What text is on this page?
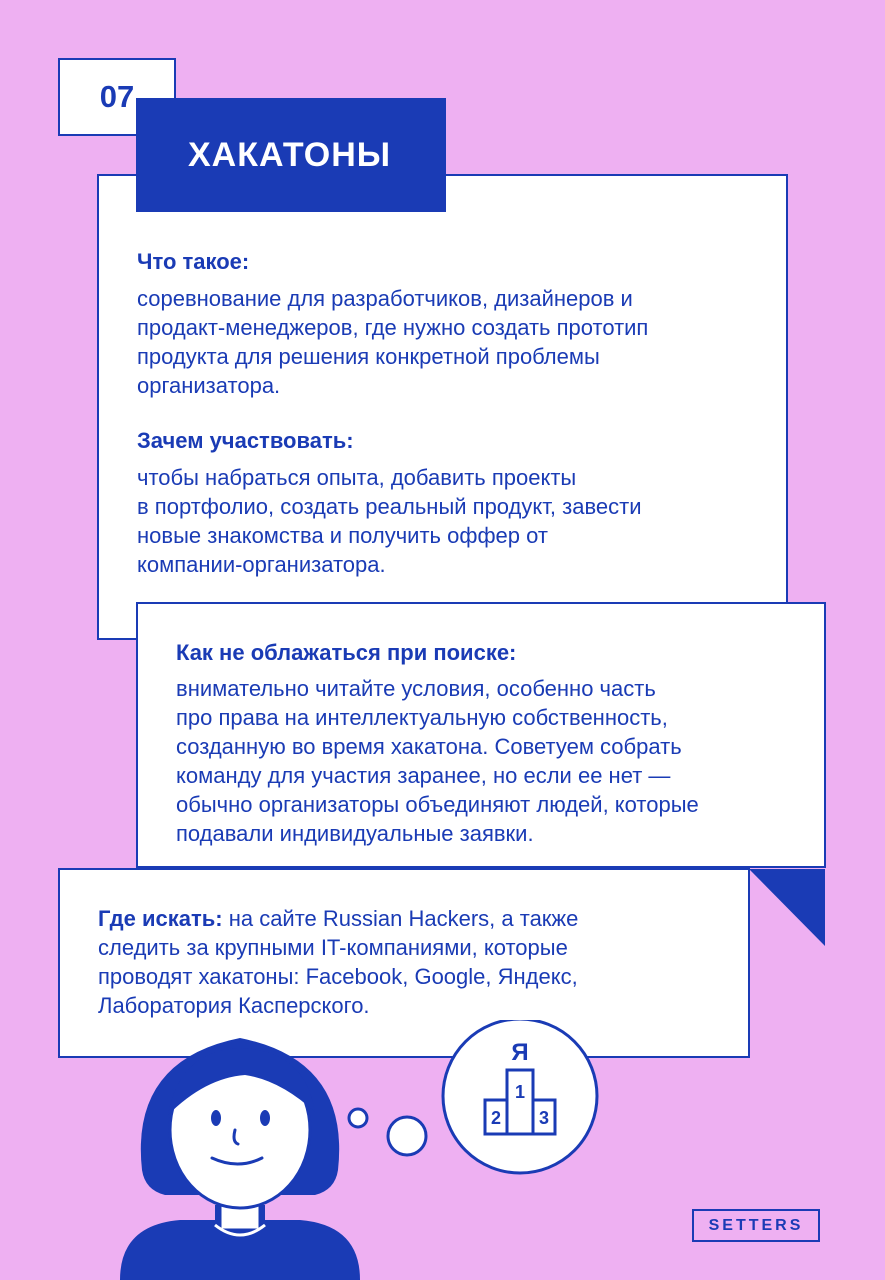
Что такое:
соревнование для разработчиков, дизайнеров и
продакт-менеджеров, где нужно создать прототип
продукта для решения конкретной проблемы
организатора.
Зачем участвовать:
чтобы набраться опыта, добавить проекты
в портфолио, создать реальный продукт, завести
новые знакомства и получить оффер от
компании-организатора.
Как не облажаться при поиске:
внимательно читайте условия, особенно часть
про права на интеллектуальную собственность,
созданную во время хакатона. Советуем собрать
команду для участия заранее, но если ее нет —
обычно организаторы объединяют людей, которые
подавали индивидуальные заявки.
Где искать: на сайте Russian Hackers, а также
следить за крупными IT-компаниями, которые
проводят хакатоны: Facebook, Google, Яндекс,
Лаборатория Касперского.
07
ХАКАТОНЫ
Я
1
2 3
SETTERS
